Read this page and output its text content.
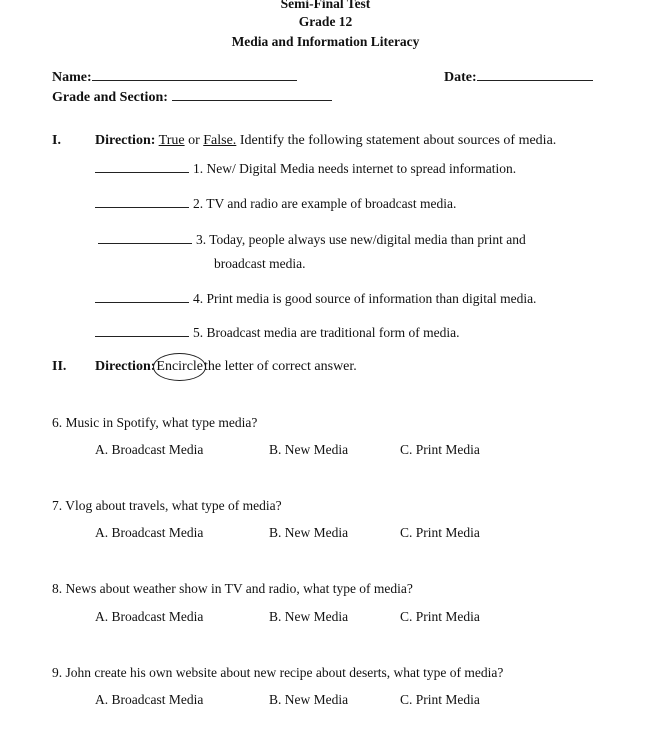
Semi-Final Test
Grade 12
Media and Information Literacy
Name:	Date:
Grade and Section:
I. Direction: True or False. Identify the following statement about sources of media.
1. New/ Digital Media needs internet to spread information.
2. TV and radio are example of broadcast media.
3. Today, people always use new/digital media than print and
broadcast media.
4. Print media is good source of information than digital media.
5. Broadcast media are traditional form of media.
II. Direction:Encirclethe letter of correct answer.
6. Music in Spotify, what type media?
A. Broadcast Media	B. New Media	C. Print Media
7. Vlog about travels, what type of media?
A. Broadcast Media	B. New Media	C. Print Media
8. News about weather show in TV and radio, what type of media?
A. Broadcast Media	B. New Media	C. Print Media
9. John create his own website about new recipe about deserts, what type of media?
A. Broadcast Media	B. New Media	C. Print Media
